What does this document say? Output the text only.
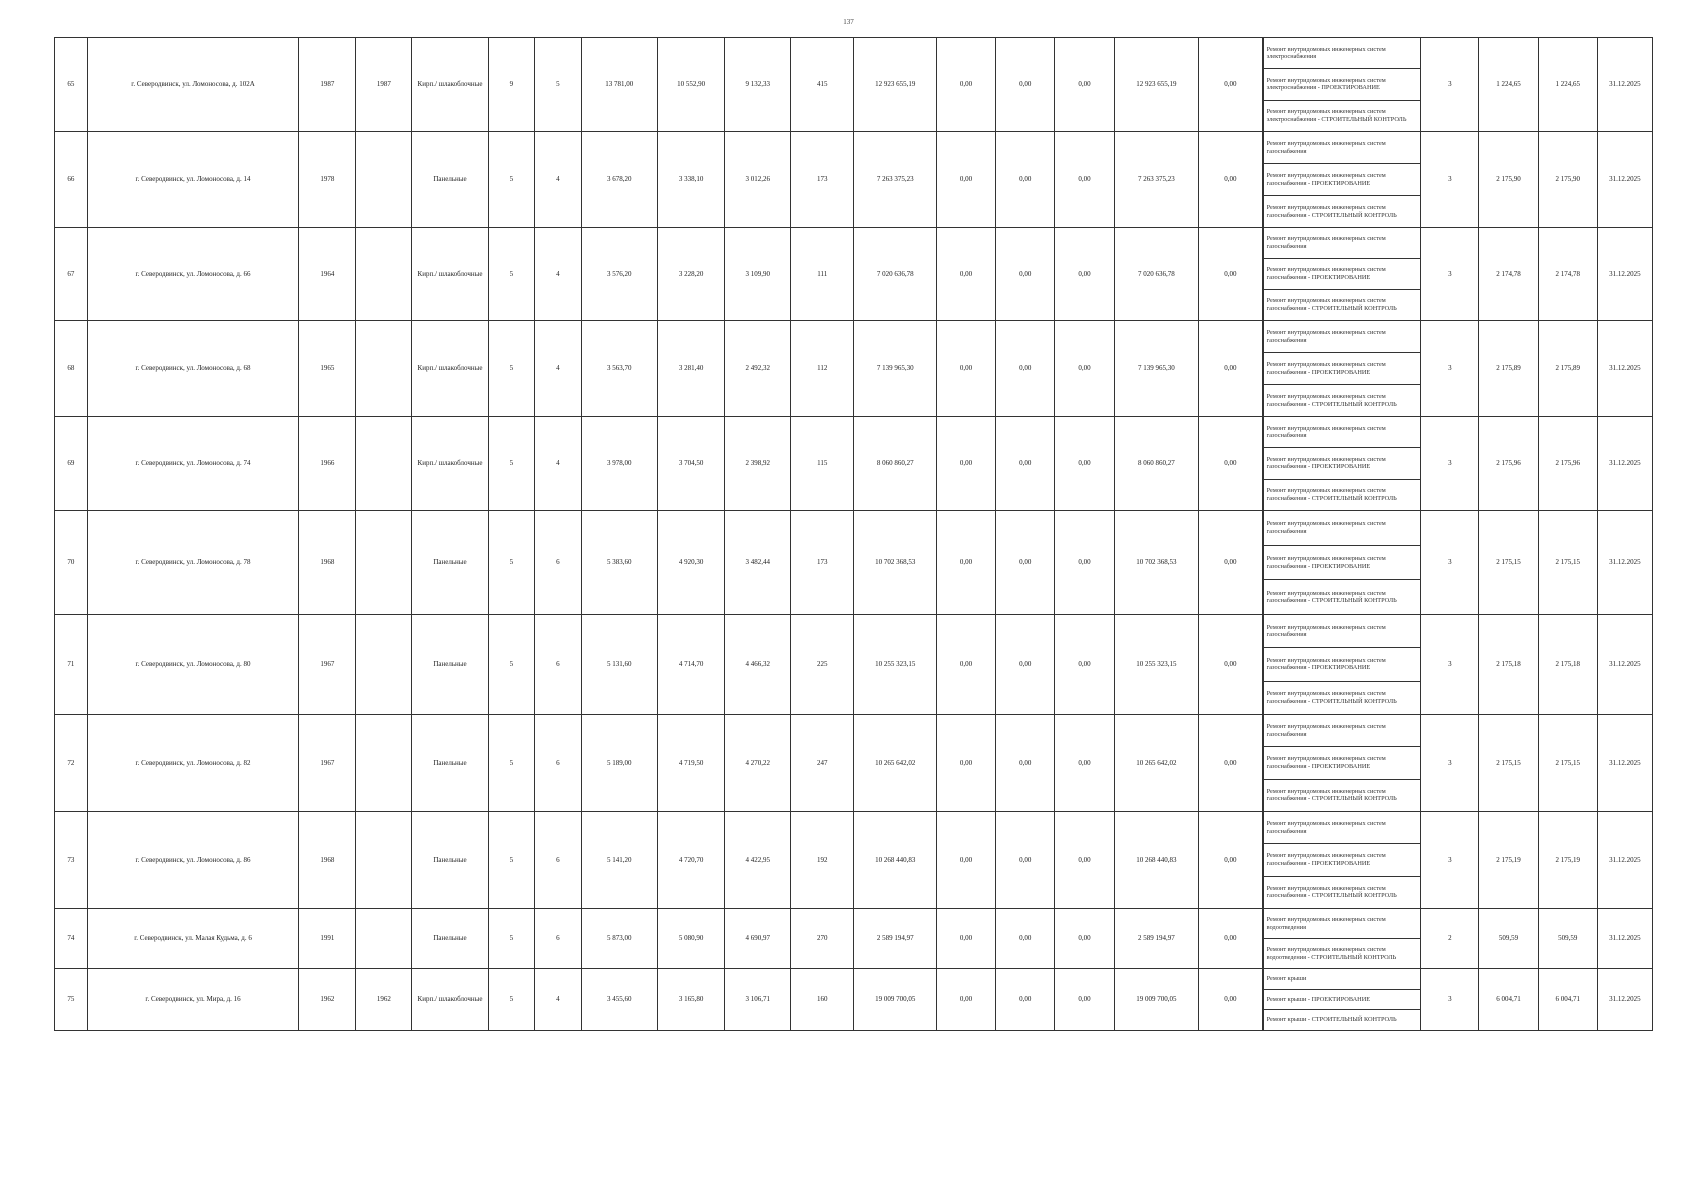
137
65	г. Северодвинск, ул. Ломоносова, д. 102А	1987	1987	Кирп./ шлакоблочные	9	5	13 781,00	10 552,90	9 132,33	415	12 923 655,19	0,00	0,00	0,00	12 923 655,19	0,00	Ремонт внутридомовых инженерных систем электроснабжения
Ремонт внутридомовых инженерных систем электроснабжения - ПРОЕКТИРОВАНИЕ
Ремонт внутридомовых инженерных систем электроснабжения - СТРОИТЕЛЬНЫЙ КОНТРОЛЬ	3	1 224,65	1 224,65	31.12.2025
66	г. Северодвинск, ул. Ломоносова, д. 14	1978		Панельные	5	4	3 678,20	3 338,10	3 012,26	173	7 263 375,23	0,00	0,00	0,00	7 263 375,23	0,00	Ремонт внутридомовых инженерных систем газоснабжения
Ремонт внутридомовых инженерных систем газоснабжения - ПРОЕКТИРОВАНИЕ
Ремонт внутридомовых инженерных систем газоснабжения - СТРОИТЕЛЬНЫЙ КОНТРОЛЬ	3	2 175,90	2 175,90	31.12.2025
67	г. Северодвинск, ул. Ломоносова, д. 66	1964		Кирп./ шлакоблочные	5	4	3 576,20	3 228,20	3 109,90	111	7 020 636,78	0,00	0,00	0,00	7 020 636,78	0,00	Ремонт внутридомовых инженерных систем газоснабжения
Ремонт внутридомовых инженерных систем газоснабжения - ПРОЕКТИРОВАНИЕ
Ремонт внутридомовых инженерных систем газоснабжения - СТРОИТЕЛЬНЫЙ КОНТРОЛЬ	3	2 174,78	2 174,78	31.12.2025
68	г. Северодвинск, ул. Ломоносова, д. 68	1965		Кирп./ шлакоблочные	5	4	3 563,70	3 281,40	2 492,32	112	7 139 965,30	0,00	0,00	0,00	7 139 965,30	0,00	Ремонт внутридомовых инженерных систем газоснабжения
Ремонт внутридомовых инженерных систем газоснабжения - ПРОЕКТИРОВАНИЕ
Ремонт внутридомовых инженерных систем газоснабжения - СТРОИТЕЛЬНЫЙ КОНТРОЛЬ	3	2 175,89	2 175,89	31.12.2025
69	г. Северодвинск, ул. Ломоносова, д. 74	1966		Кирп./ шлакоблочные	5	4	3 978,00	3 704,50	2 398,92	115	8 060 860,27	0,00	0,00	0,00	8 060 860,27	0,00	Ремонт внутридомовых инженерных систем газоснабжения
Ремонт внутридомовых инженерных систем газоснабжения - ПРОЕКТИРОВАНИЕ
Ремонт внутридомовых инженерных систем газоснабжения - СТРОИТЕЛЬНЫЙ КОНТРОЛЬ	3	2 175,96	2 175,96	31.12.2025
70	г. Северодвинск, ул. Ломоносова, д. 78	1968		Панельные	5	6	5 383,60	4 920,30	3 482,44	173	10 702 368,53	0,00	0,00	0,00	10 702 368,53	0,00	Ремонт внутридомовых инженерных систем газоснабжения
Ремонт внутридомовых инженерных систем газоснабжения - ПРОЕКТИРОВАНИЕ
Ремонт внутридомовых инженерных систем газоснабжения - СТРОИТЕЛЬНЫЙ КОНТРОЛЬ	3	2 175,15	2 175,15	31.12.2025
71	г. Северодвинск, ул. Ломоносова, д. 80	1967		Панельные	5	6	5 131,60	4 714,70	4 466,32	225	10 255 323,15	0,00	0,00	0,00	10 255 323,15	0,00	Ремонт внутридомовых инженерных систем газоснабжения
Ремонт внутридомовых инженерных систем газоснабжения - ПРОЕКТИРОВАНИЕ
Ремонт внутридомовых инженерных систем газоснабжения - СТРОИТЕЛЬНЫЙ КОНТРОЛЬ	3	2 175,18	2 175,18	31.12.2025
72	г. Северодвинск, ул. Ломоносова, д. 82	1967		Панельные	5	6	5 189,00	4 719,50	4 270,22	247	10 265 642,02	0,00	0,00	0,00	10 265 642,02	0,00	Ремонт внутридомовых инженерных систем газоснабжения
Ремонт внутридомовых инженерных систем газоснабжения - ПРОЕКТИРОВАНИЕ
Ремонт внутридомовых инженерных систем газоснабжения - СТРОИТЕЛЬНЫЙ КОНТРОЛЬ	3	2 175,15	2 175,15	31.12.2025
73	г. Северодвинск, ул. Ломоносова, д. 86	1968		Панельные	5	6	5 141,20	4 720,70	4 422,95	192	10 268 440,83	0,00	0,00	0,00	10 268 440,83	0,00	Ремонт внутридомовых инженерных систем газоснабжения
Ремонт внутридомовых инженерных систем газоснабжения - ПРОЕКТИРОВАНИЕ
Ремонт внутридомовых инженерных систем газоснабжения - СТРОИТЕЛЬНЫЙ КОНТРОЛЬ	3	2 175,19	2 175,19	31.12.2025
74	г. Северодвинск, ул. Малая Кудьма, д. 6	1991		Панельные	5	6	5 873,00	5 080,90	4 690,97	270	2 589 194,97	0,00	0,00	0,00	2 589 194,97	0,00	Ремонт внутридомовых инженерных систем водоотведения
Ремонт внутридомовых инженерных систем водоотведения - СТРОИТЕЛЬНЫЙ КОНТРОЛЬ	2	509,59	509,59	31.12.2025
75	г. Северодвинск, ул. Мира, д. 16	1962	1962	Кирп./ шлакоблочные	5	4	3 455,60	3 165,80	3 106,71	160	19 009 700,05	0,00	0,00	0,00	19 009 700,05	0,00	Ремонт крыши
Ремонт крыши - ПРОЕКТИРОВАНИЕ
Ремонт крыши - СТРОИТЕЛЬНЫЙ КОНТРОЛЬ	3	6 004,71	6 004,71	31.12.2025
